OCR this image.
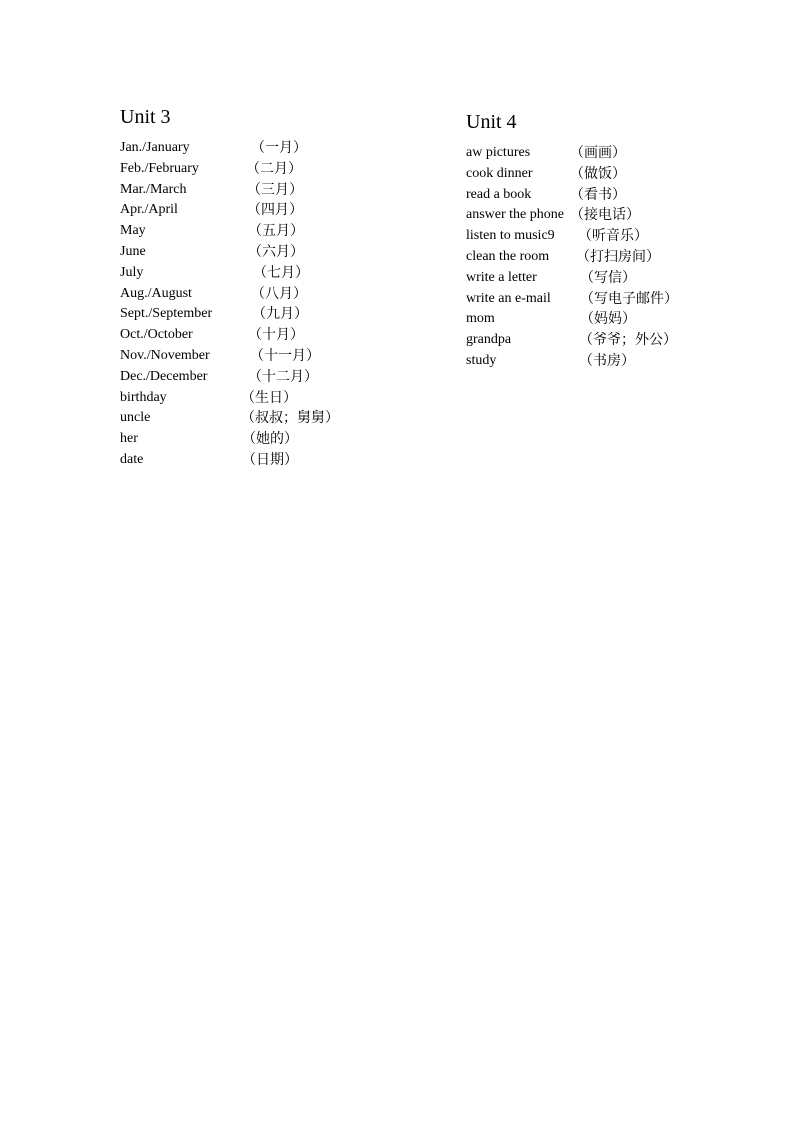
Unit 3
Jan./January	（一月）
Feb./February	（二月）
Mar./March	（三月）
Apr./April	（四月）
May	（五月）
June	（六月）
July	（七月）
Aug./August	（八月）
Sept./September	（九月）
Oct./October	（十月）
Nov./November	（十一月）
Dec./December	（十二月）
birthday	（生日）
uncle	（叔叔；舅舅）
her	（她的）
date	（日期）
Unit 4
aw pictures	（画画）
cook dinner	（做饭）
read a book	（看书）
answer the phone （接电话）
listen to music9 （听音乐）
clean the room （打扫房间）
write a letter	（写信）
write an e-mail （写电子邮件）
mom	（妈妈）
grandpa	（爷爷；外公）
study	（书房）
